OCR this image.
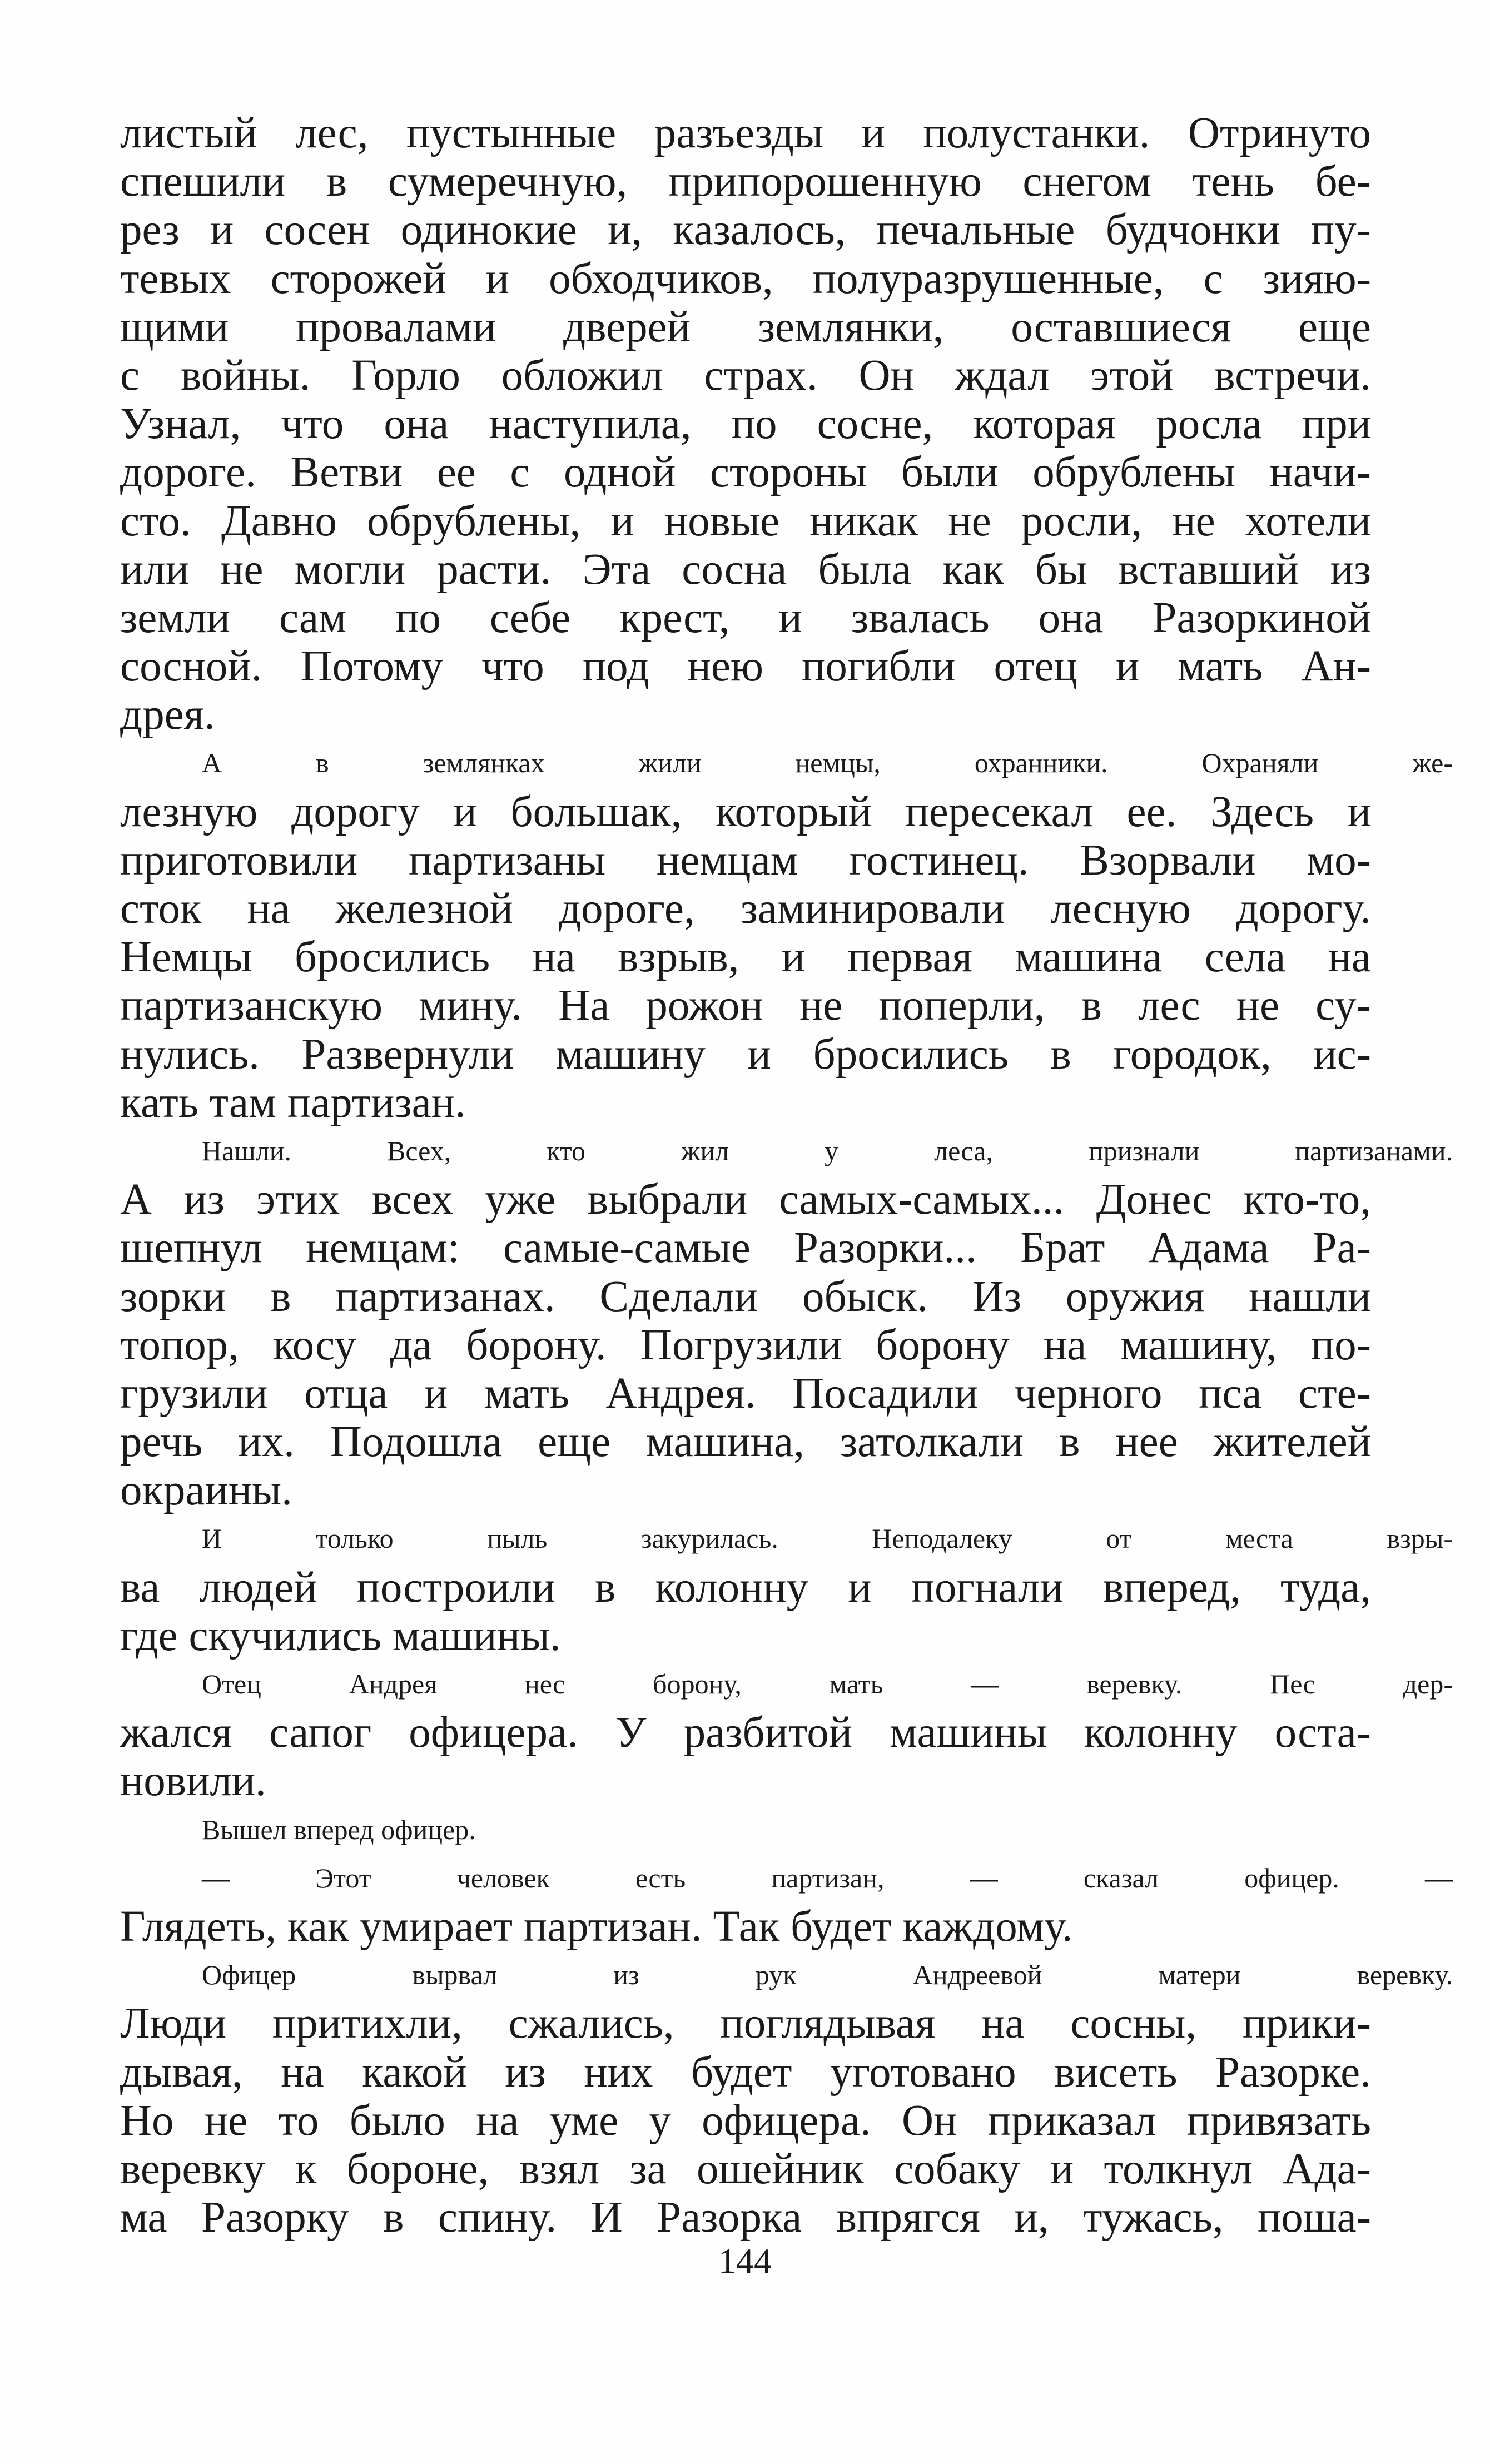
листый лес, пустынные разъезды и полустанки. Отринуто
спешили в сумеречную, припорошенную снегом тень бе-
рез и сосен одинокие и, казалось, печальные будчонки пу-
тевых сторожей и обходчиков, полуразрушенные, с зияю-
щими провалами дверей землянки, оставшиеся еще
с войны. Горло обложил страх. Он ждал этой встречи.
Узнал, что она наступила, по сосне, которая росла при
дороге. Ветви ее с одной стороны были обрублены начи-
сто. Давно обрублены, и новые никак не росли, не хотели
или не могли расти. Эта сосна была как бы вставший из
земли сам по себе крест, и звалась она Разоркиной
сосной. Потому что под нею погибли отец и мать Ан-
дрея.
А в землянках жили немцы, охранники. Охраняли же-
лезную дорогу и большак, который пересекал ее. Здесь и
приготовили партизаны немцам гостинец. Взорвали мо-
сток на железной дороге, заминировали лесную дорогу.
Немцы бросились на взрыв, и первая машина села на
партизанскую мину. На рожон не поперли, в лес не су-
нулись. Развернули машину и бросились в городок, ис-
кать там партизан.
Нашли. Всех, кто жил у леса, признали партизанами.
А из этих всех уже выбрали самых-самых... Донес кто-то,
шепнул немцам: самые-самые Разорки... Брат Адама Ра-
зорки в партизанах. Сделали обыск. Из оружия нашли
топор, косу да борону. Погрузили борону на машину, по-
грузили отца и мать Андрея. Посадили черного пса сте-
речь их. Подошла еще машина, затолкали в нее жителей
окраины.
И только пыль закурилась. Неподалеку от места взры-
ва людей построили в колонну и погнали вперед, туда,
где скучились машины.
Отец Андрея нес борону, мать — веревку. Пес дер-
жался сапог офицера. У разбитой машины колонну оста-
новили.
Вышел вперед офицер.
— Этот человек есть партизан, — сказал офицер. —
Глядеть, как умирает партизан. Так будет каждому.
Офицер вырвал из рук Андреевой матери веревку.
Люди притихли, сжались, поглядывая на сосны, прики-
дывая, на какой из них будет уготовано висеть Разорке.
Но не то было на уме у офицера. Он приказал привязать
веревку к бороне, взял за ошейник собаку и толкнул Ада-
ма Разорку в спину. И Разорка впрягся и, тужась, поша-
144
